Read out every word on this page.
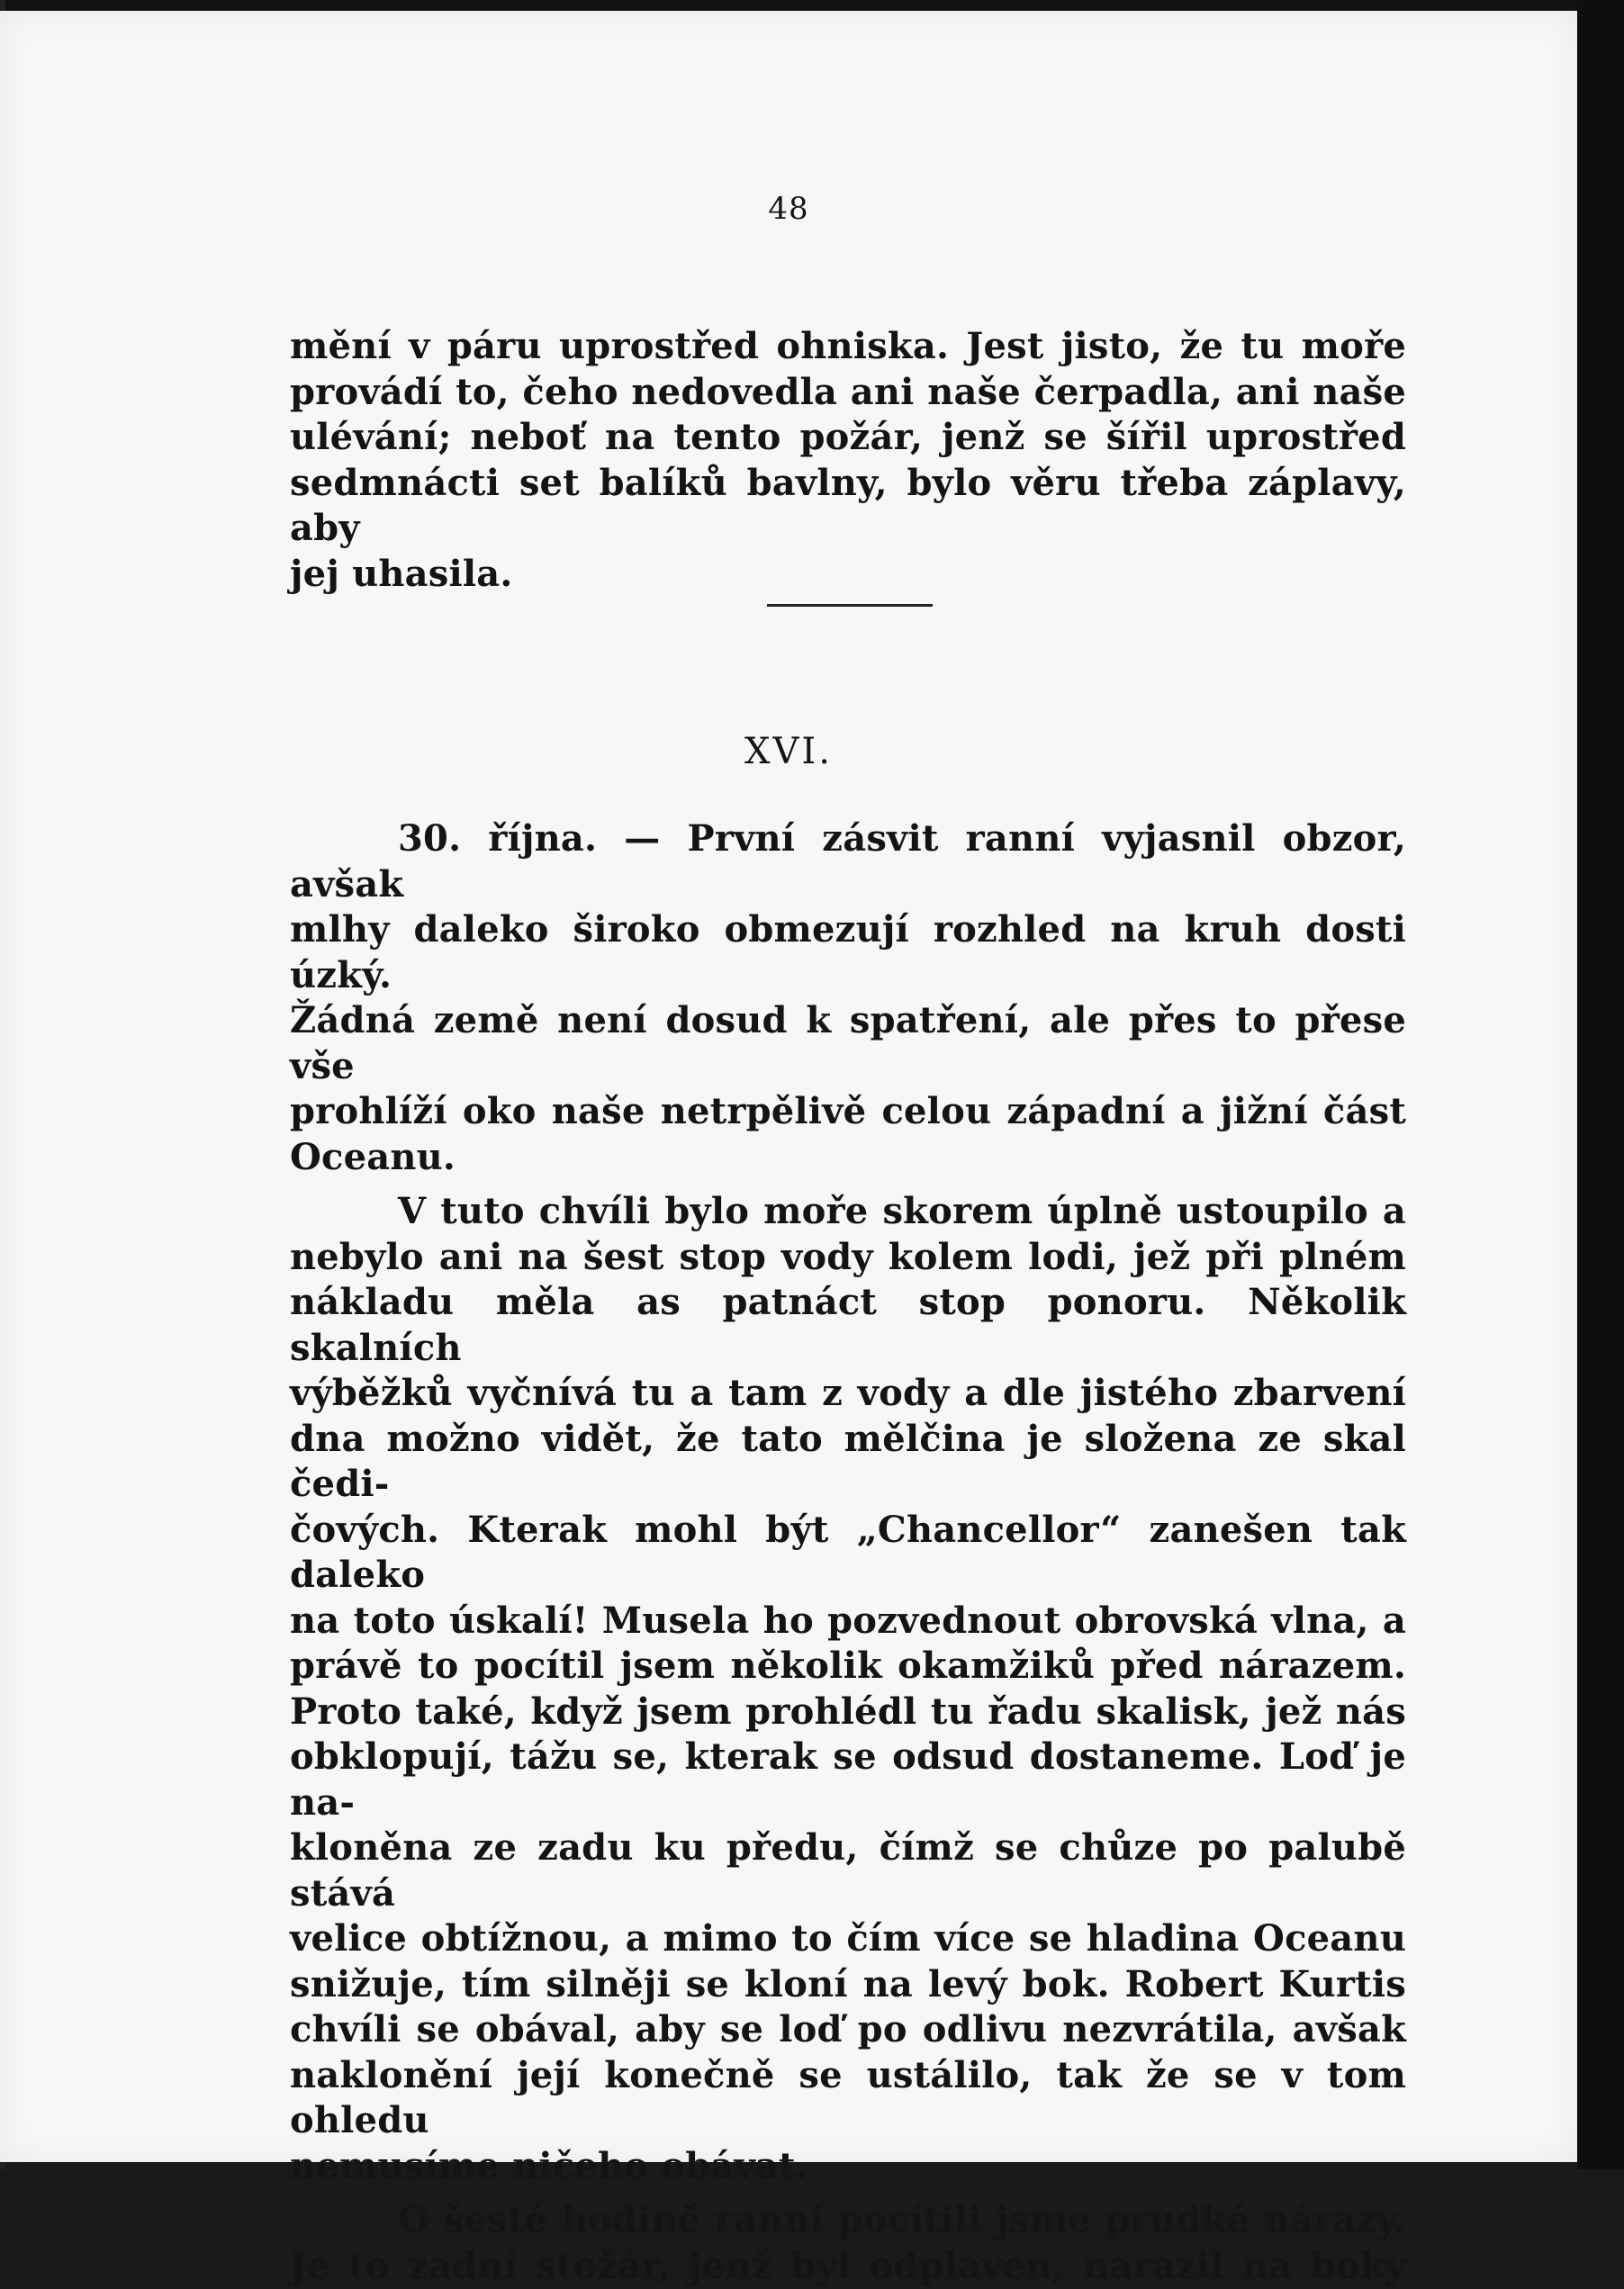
48

mění v páru uprostřed ohniska. Jest jisto, že tu moře

provádí to, čeho nedovedla ani naše čerpadla, ani naše

ulévání; neboť na tento požár, jenž se šířil uprostřed

sedmnácti set balíků bavlny, bylo věru třeba záplavy, aby

jej uhasila.

XVI.

30. října. — První zásvit ranní vyjasnil obzor, avšak

mlhy daleko široko obmezují rozhled na kruh dosti úzký.

Žádná země není dosud k spatření, ale přes to přese vše

prohlíží oko naše netrpělivě celou západní a jižní část

Oceanu.

V tuto chvíli bylo moře skorem úplně ustoupilo a

nebylo ani na šest stop vody kolem lodi, jež při plném

nákladu měla as patnáct stop ponoru. Několik skalních

výběžků vyčnívá tu a tam z vody a dle jistého zbarvení

dna možno vidět, že tato mělčina je složena ze skal čedi-

čových. Kterak mohl být „Chancellor“ zanešen tak daleko

na toto úskalí! Musela ho pozvednout obrovská vlna, a

právě to pocítil jsem několik okamžiků před nárazem.

Proto také, když jsem prohlédl tu řadu skalisk, jež nás

obklopují, tážu se, kterak se odsud dostaneme. Loď je na-

kloněna ze zadu ku předu, čímž se chůze po palubě stává

velice obtížnou, a mimo to čím více se hladina Oceanu

snižuje, tím silněji se kloní na levý bok. Robert Kurtis

chvíli se obával, aby se loď po odlivu nezvrátila, avšak

naklonění její konečně se ustálilo, tak že se v tom ohledu

nemusíme ničeho obávat.

O šesté hodině ranní pocítili jsme prudké nárazy.

Je to zadní stožár, jenž byl odplaven, narazil na boky
